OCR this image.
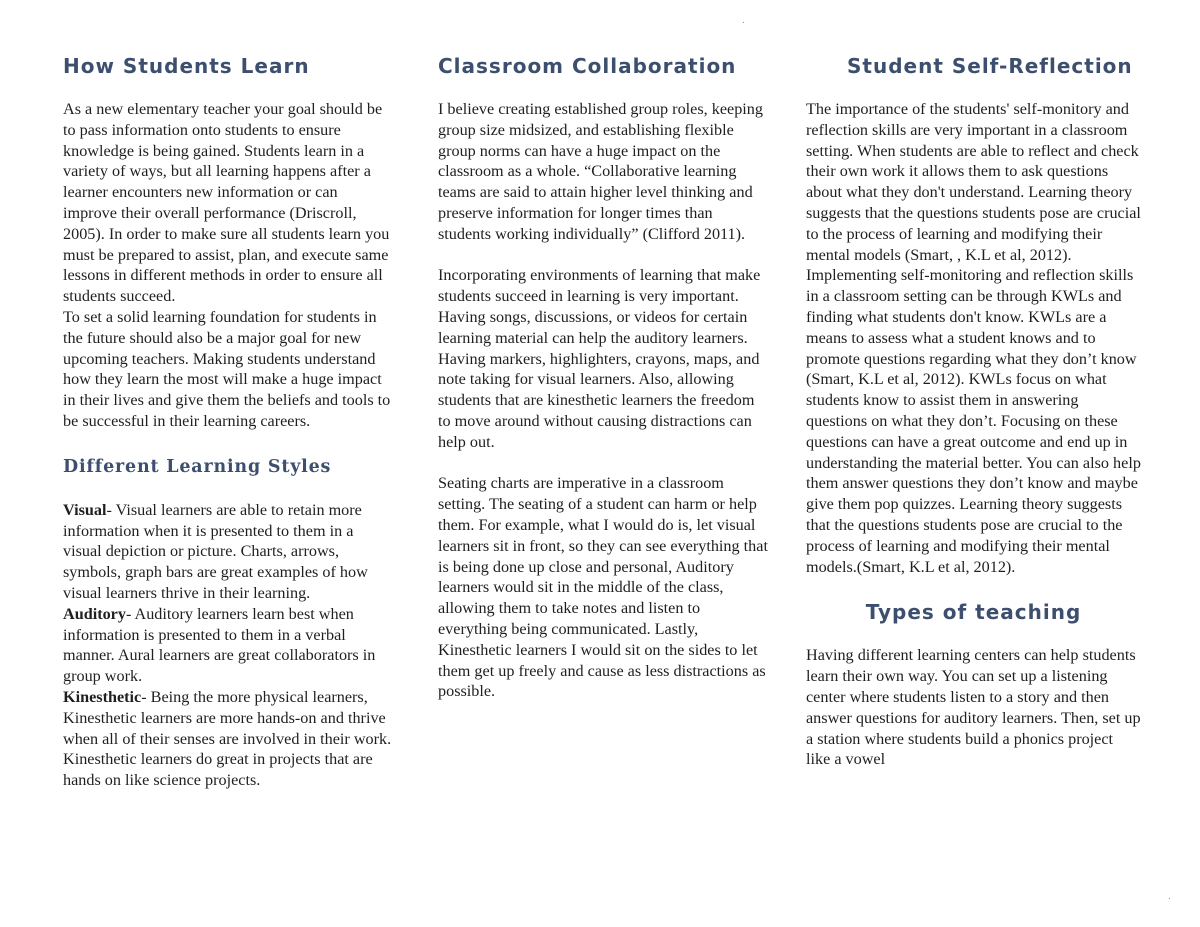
.
.
How Students Learn

As a new elementary teacher your goal should be to pass information onto students to ensure knowledge is being gained. Students learn in a variety of ways, but all learning happens after a learner encounters new information or can improve their overall performance (Driscroll, 2005). In order to make sure all students learn you must be prepared to assist, plan, and execute same lessons in different methods in order to ensure all students succeed.

To set a solid learning foundation for students in the future should also be a major goal for new upcoming teachers. Making students understand how they learn the most will make a huge impact in their lives and give them the beliefs and tools to be successful in their learning careers.

Different Learning Styles

Visual- Visual learners are able to retain more information when it is presented to them in a visual depiction or picture. Charts, arrows, symbols, graph bars are great examples of how visual learners thrive in their learning.

Auditory- Auditory learners learn best when information is presented to them in a verbal manner. Aural learners are great collaborators in group work.

Kinesthetic- Being the more physical learners, Kinesthetic learners are more hands-on and thrive when all of their senses are involved in their work. Kinesthetic learners do great in projects that are hands on like science projects.

Classroom Collaboration

I believe creating established group roles, keeping group size midsized, and establishing flexible group norms can have a huge impact on the classroom as a whole. “Collaborative learning teams are said to attain higher level thinking and preserve information for longer times than students working individually” (Clifford 2011).

Incorporating environments of learning that make students succeed in learning is very important. Having songs, discussions, or videos for certain learning material can help the auditory learners. Having markers, highlighters, crayons, maps, and note taking for visual learners. Also, allowing students that are kinesthetic learners the freedom to move around without causing distractions can help out.

Seating charts are imperative in a classroom setting. The seating of a student can harm or help them. For example, what I would do is, let visual learners sit in front, so they can see everything that is being done up close and personal, Auditory learners would sit in the middle of the class, allowing them to take notes and listen to everything being communicated. Lastly, Kinesthetic learners I would sit on the sides to let them get up freely and cause as less distractions as possible.

Student Self-Reflection

The importance of the students' self-monitory and reflection skills are very important in a classroom setting. When students are able to reflect and check their own work it allows them to ask questions about what they don't understand. Learning theory suggests that the questions students pose are crucial to the process of learning and modifying their mental models (Smart, , K.L et al, 2012). Implementing self-monitoring and reflection skills in a classroom setting can be through KWLs and finding what students don't know. KWLs are a means to assess what a student knows and to promote questions regarding what they don’t know (Smart, K.L et al, 2012). KWLs focus on what students know to assist them in answering questions on what they don’t. Focusing on these questions can have a great outcome and end up in understanding the material better. You can also help them answer questions they don’t know and maybe give them pop quizzes. Learning theory suggests that the questions students pose are crucial to the process of learning and modifying their mental models.(Smart, K.L et al, 2012).

Types of teaching

Having different learning centers can help students learn their own way. You can set up a listening center where students listen to a story and then answer questions for auditory learners. Then, set up a station where students build a phonics project like a vowel
